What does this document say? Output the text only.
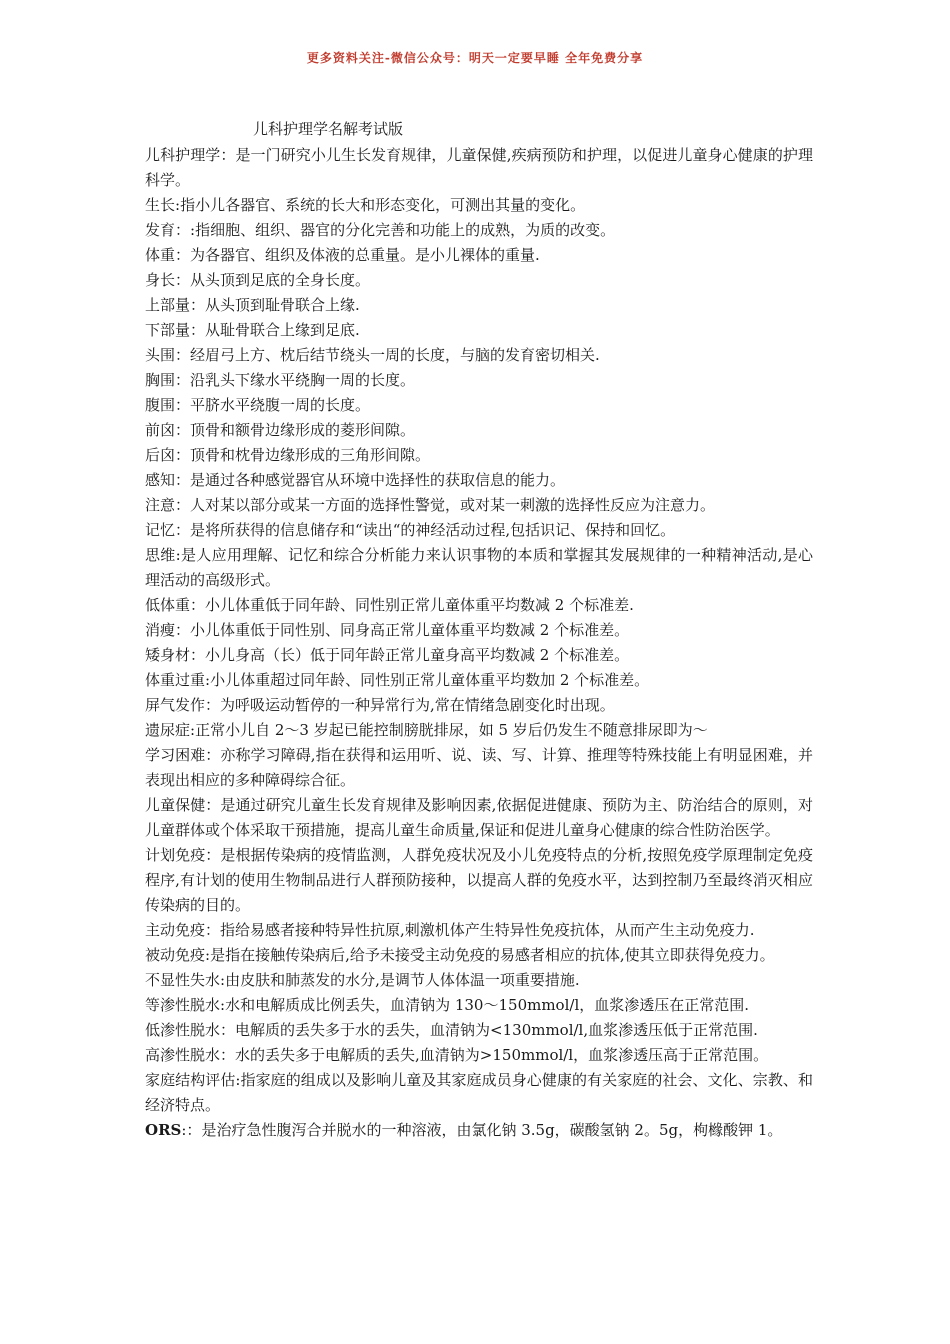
更多资料关注-微信公众号：明天一定要早睡 全年免费分享
儿科护理学名解考试版

儿科护理学：是一门研究小儿生长发育规律，儿童保健,疾病预防和护理，以促进儿童身心健康的护理科学。

生长:指小儿各器官、系统的长大和形态变化，可测出其量的变化。

发育：:指细胞、组织、器官的分化完善和功能上的成熟，为质的改变。

体重：为各器官、组织及体液的总重量。是小儿裸体的重量.

身长：从头顶到足底的全身长度。

上部量：从头顶到耻骨联合上缘.

下部量：从耻骨联合上缘到足底.

头围：经眉弓上方、枕后结节绕头一周的长度，与脑的发育密切相关.

胸围：沿乳头下缘水平绕胸一周的长度。

腹围：平脐水平绕腹一周的长度。

前囟：顶骨和额骨边缘形成的菱形间隙。

后囟：顶骨和枕骨边缘形成的三角形间隙。

感知：是通过各种感觉器官从环境中选择性的获取信息的能力。

注意：人对某以部分或某一方面的选择性警觉，或对某一刺激的选择性反应为注意力。

记忆：是将所获得的信息储存和“读出“的神经活动过程,包括识记、保持和回忆。

思维:是人应用理解、记忆和综合分析能力来认识事物的本质和掌握其发展规律的一种精神活动,是心理活动的高级形式。

低体重：小儿体重低于同年龄、同性别正常儿童体重平均数减 2 个标准差.

消瘦：小儿体重低于同性别、同身高正常儿童体重平均数减 2 个标准差。

矮身材：小儿身高（长）低于同年龄正常儿童身高平均数减 2 个标准差。

体重过重:小儿体重超过同年龄、同性别正常儿童体重平均数加 2 个标准差。

屏气发作：为呼吸运动暂停的一种异常行为,常在情绪急剧变化时出现。

遗尿症:正常小儿自 2～3 岁起已能控制膀胱排尿，如 5 岁后仍发生不随意排尿即为～

学习困难：亦称学习障碍,指在获得和运用听、说、读、写、计算、推理等特殊技能上有明显困难，并表现出相应的多种障碍综合征。

儿童保健：是通过研究儿童生长发育规律及影响因素,依据促进健康、预防为主、防治结合的原则，对儿童群体或个体采取干预措施，提高儿童生命质量,保证和促进儿童身心健康的综合性防治医学。

计划免疫：是根据传染病的疫情监测，人群免疫状况及小儿免疫特点的分析,按照免疫学原理制定免疫程序,有计划的使用生物制品进行人群预防接种，以提高人群的免疫水平，达到控制乃至最终消灭相应传染病的目的。

主动免疫：指给易感者接种特异性抗原,刺激机体产生特异性免疫抗体，从而产生主动免疫力.

被动免疫:是指在接触传染病后,给予未接受主动免疫的易感者相应的抗体,使其立即获得免疫力。

不显性失水:由皮肤和肺蒸发的水分,是调节人体体温一项重要措施.

等渗性脱水:水和电解质成比例丢失，血清钠为 130～150mmol/l，血浆渗透压在正常范围.

低渗性脱水：电解质的丢失多于水的丢失，血清钠为<130mmol/l,血浆渗透压低于正常范围.

高渗性脱水：水的丢失多于电解质的丢失,血清钠为>150mmol/l，血浆渗透压高于正常范围。

家庭结构评估:指家庭的组成以及影响儿童及其家庭成员身心健康的有关家庭的社会、文化、宗教、和经济特点。

ORS:：是治疗急性腹泻合并脱水的一种溶液，由氯化钠 3.5g，碳酸氢钠 2。5g，枸橼酸钾 1。
